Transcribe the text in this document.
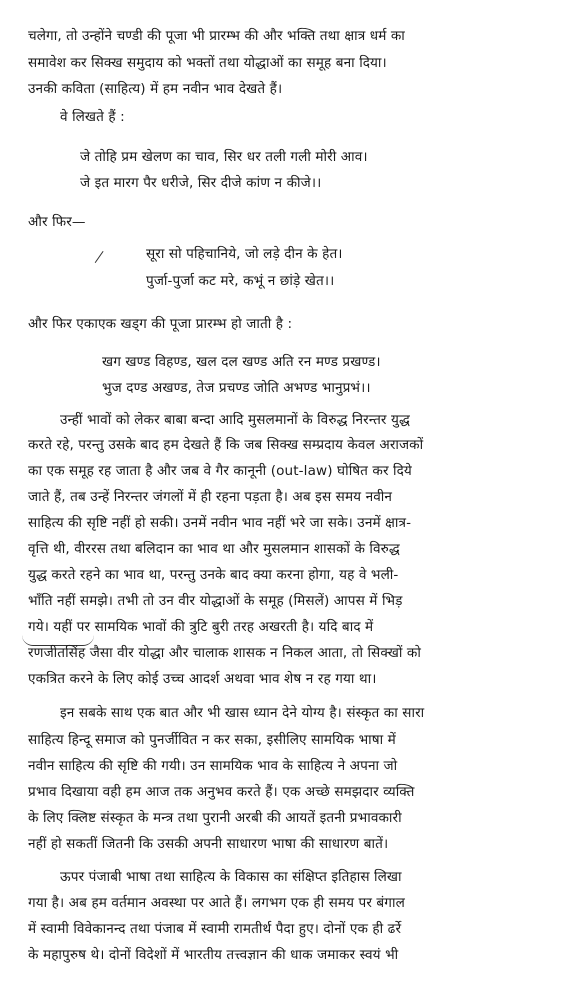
चलेगा, तो उन्होंने चण्डी की पूजा भी प्रारम्भ की और भक्ति तथा क्षात्र धर्म का
समावेश कर सिक्ख समुदाय को भक्तों तथा योद्धाओं का समूह बना दिया।
उनकी कविता (साहित्य) में हम नवीन भाव देखते हैं।
वे लिखते हैं :
जे तोहि प्रम खेलण का चाव, सिर धर तली गली मोरी आव।
जे इत मारग पैर धरीजे, सिर दीजे कांण न कीजे।।
और फिर—
सूरा सो पहिचानिये, जो लड़े दीन के हेत।
पुर्जा-पुर्जा कट मरे, कभूं न छांड़े खेत।।
और फिर एकाएक खड्ग की पूजा प्रारम्भ हो जाती है :
खग खण्ड विहण्ड, खल दल खण्ड अति रन मण्ड प्रखण्ड।
भुज दण्ड अखण्ड, तेज प्रचण्ड जोति अभण्ड भानुप्रभं।।
उन्हीं भावों को लेकर बाबा बन्दा आदि मुसलमानों के विरुद्ध निरन्तर युद्ध
करते रहे, परन्तु उसके बाद हम देखते हैं कि जब सिक्ख सम्प्रदाय केवल अराजकों
का एक समूह रह जाता है और जब वे गैर कानूनी (out-law) घोषित कर दिये
जाते हैं, तब उन्हें निरन्तर जंगलों में ही रहना पड़ता है। अब इस समय नवीन
साहित्य की सृष्टि नहीं हो सकी। उनमें नवीन भाव नहीं भरे जा सके। उनमें क्षात्र-
वृत्ति थी, वीररस तथा बलिदान का भाव था और मुसलमान शासकों के विरुद्ध
युद्ध करते रहने का भाव था, परन्तु उनके बाद क्या करना होगा, यह वे भली-
भाँति नहीं समझे। तभी तो उन वीर योद्धाओं के समूह (मिसलें) आपस में भिड़
गये। यहीं पर सामयिक भावों की त्रुटि बुरी तरह अखरती है। यदि बाद में
रणजीतसिंह जैसा वीर योद्धा और चालाक शासक न निकल आता, तो सिक्खों को
एकत्रित करने के लिए कोई उच्च आदर्श अथवा भाव शेष न रह गया था।
इन सबके साथ एक बात और भी खास ध्यान देने योग्य है। संस्कृत का सारा
साहित्य हिन्दू समाज को पुनर्जीवित न कर सका, इसीलिए सामयिक भाषा में
नवीन साहित्य की सृष्टि की गयी। उन सामयिक भाव के साहित्य ने अपना जो
प्रभाव दिखाया वही हम आज तक अनुभव करते हैं। एक अच्छे समझदार व्यक्ति
के लिए क्लिष्ट संस्कृत के मन्त्र तथा पुरानी अरबी की आयतें इतनी प्रभावकारी
नहीं हो सकतीं जितनी कि उसकी अपनी साधारण भाषा की साधारण बातें।
ऊपर पंजाबी भाषा तथा साहित्य के विकास का संक्षिप्त इतिहास लिखा
गया है। अब हम वर्तमान अवस्था पर आते हैं। लगभग एक ही समय पर बंगाल
में स्वामी विवेकानन्द तथा पंजाब में स्वामी रामतीर्थ पैदा हुए। दोनों एक ही ढर्रे
के महापुरुष थे। दोनों विदेशों में भारतीय तत्त्वज्ञान की धाक जमाकर स्वयं भी
